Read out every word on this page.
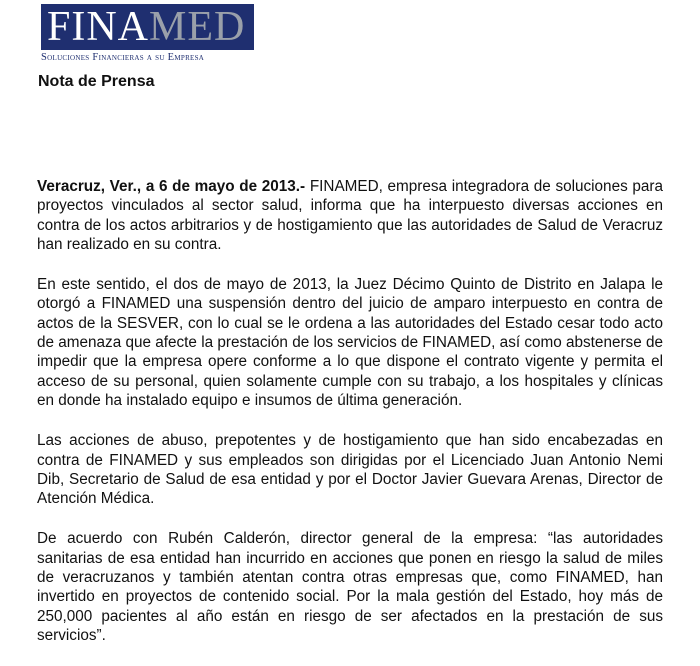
FINA MED
Soluciones Financieras a su Empresa
Nota de Prensa

Veracruz, Ver., a 6 de mayo de 2013.- FINAMED, empresa integradora de soluciones para proyectos vinculados al sector salud, informa que ha interpuesto diversas acciones en contra de los actos arbitrarios y de hostigamiento que las autoridades de Salud de Veracruz han realizado en su contra.

En este sentido, el dos de mayo de 2013, la Juez Décimo Quinto de Distrito en Jalapa le otorgó a FINAMED una suspensión dentro del juicio de amparo interpuesto en contra de actos de la SESVER, con lo cual se le ordena a las autoridades del Estado cesar todo acto de amenaza que afecte la prestación de los servicios de FINAMED, así como abstenerse de impedir que la empresa opere conforme a lo que dispone el contrato vigente y permita el acceso de su personal, quien solamente cumple con su trabajo, a los hospitales y clínicas en donde ha instalado equipo e insumos de última generación.

Las acciones de abuso, prepotentes y de hostigamiento que han sido encabezadas en contra de FINAMED y sus empleados son dirigidas por el Licenciado Juan Antonio Nemi Dib, Secretario de Salud de esa entidad y por el Doctor Javier Guevara Arenas, Director de Atención Médica.

De acuerdo con Rubén Calderón, director general de la empresa: “las autoridades sanitarias de esa entidad han incurrido en acciones que ponen en riesgo la salud de miles de veracruzanos y también atentan contra otras empresas que, como FINAMED, han invertido en proyectos de contenido social. Por la mala gestión del Estado, hoy más de 250,000 pacientes al año están en riesgo de ser afectados en la prestación de sus servicios”.
